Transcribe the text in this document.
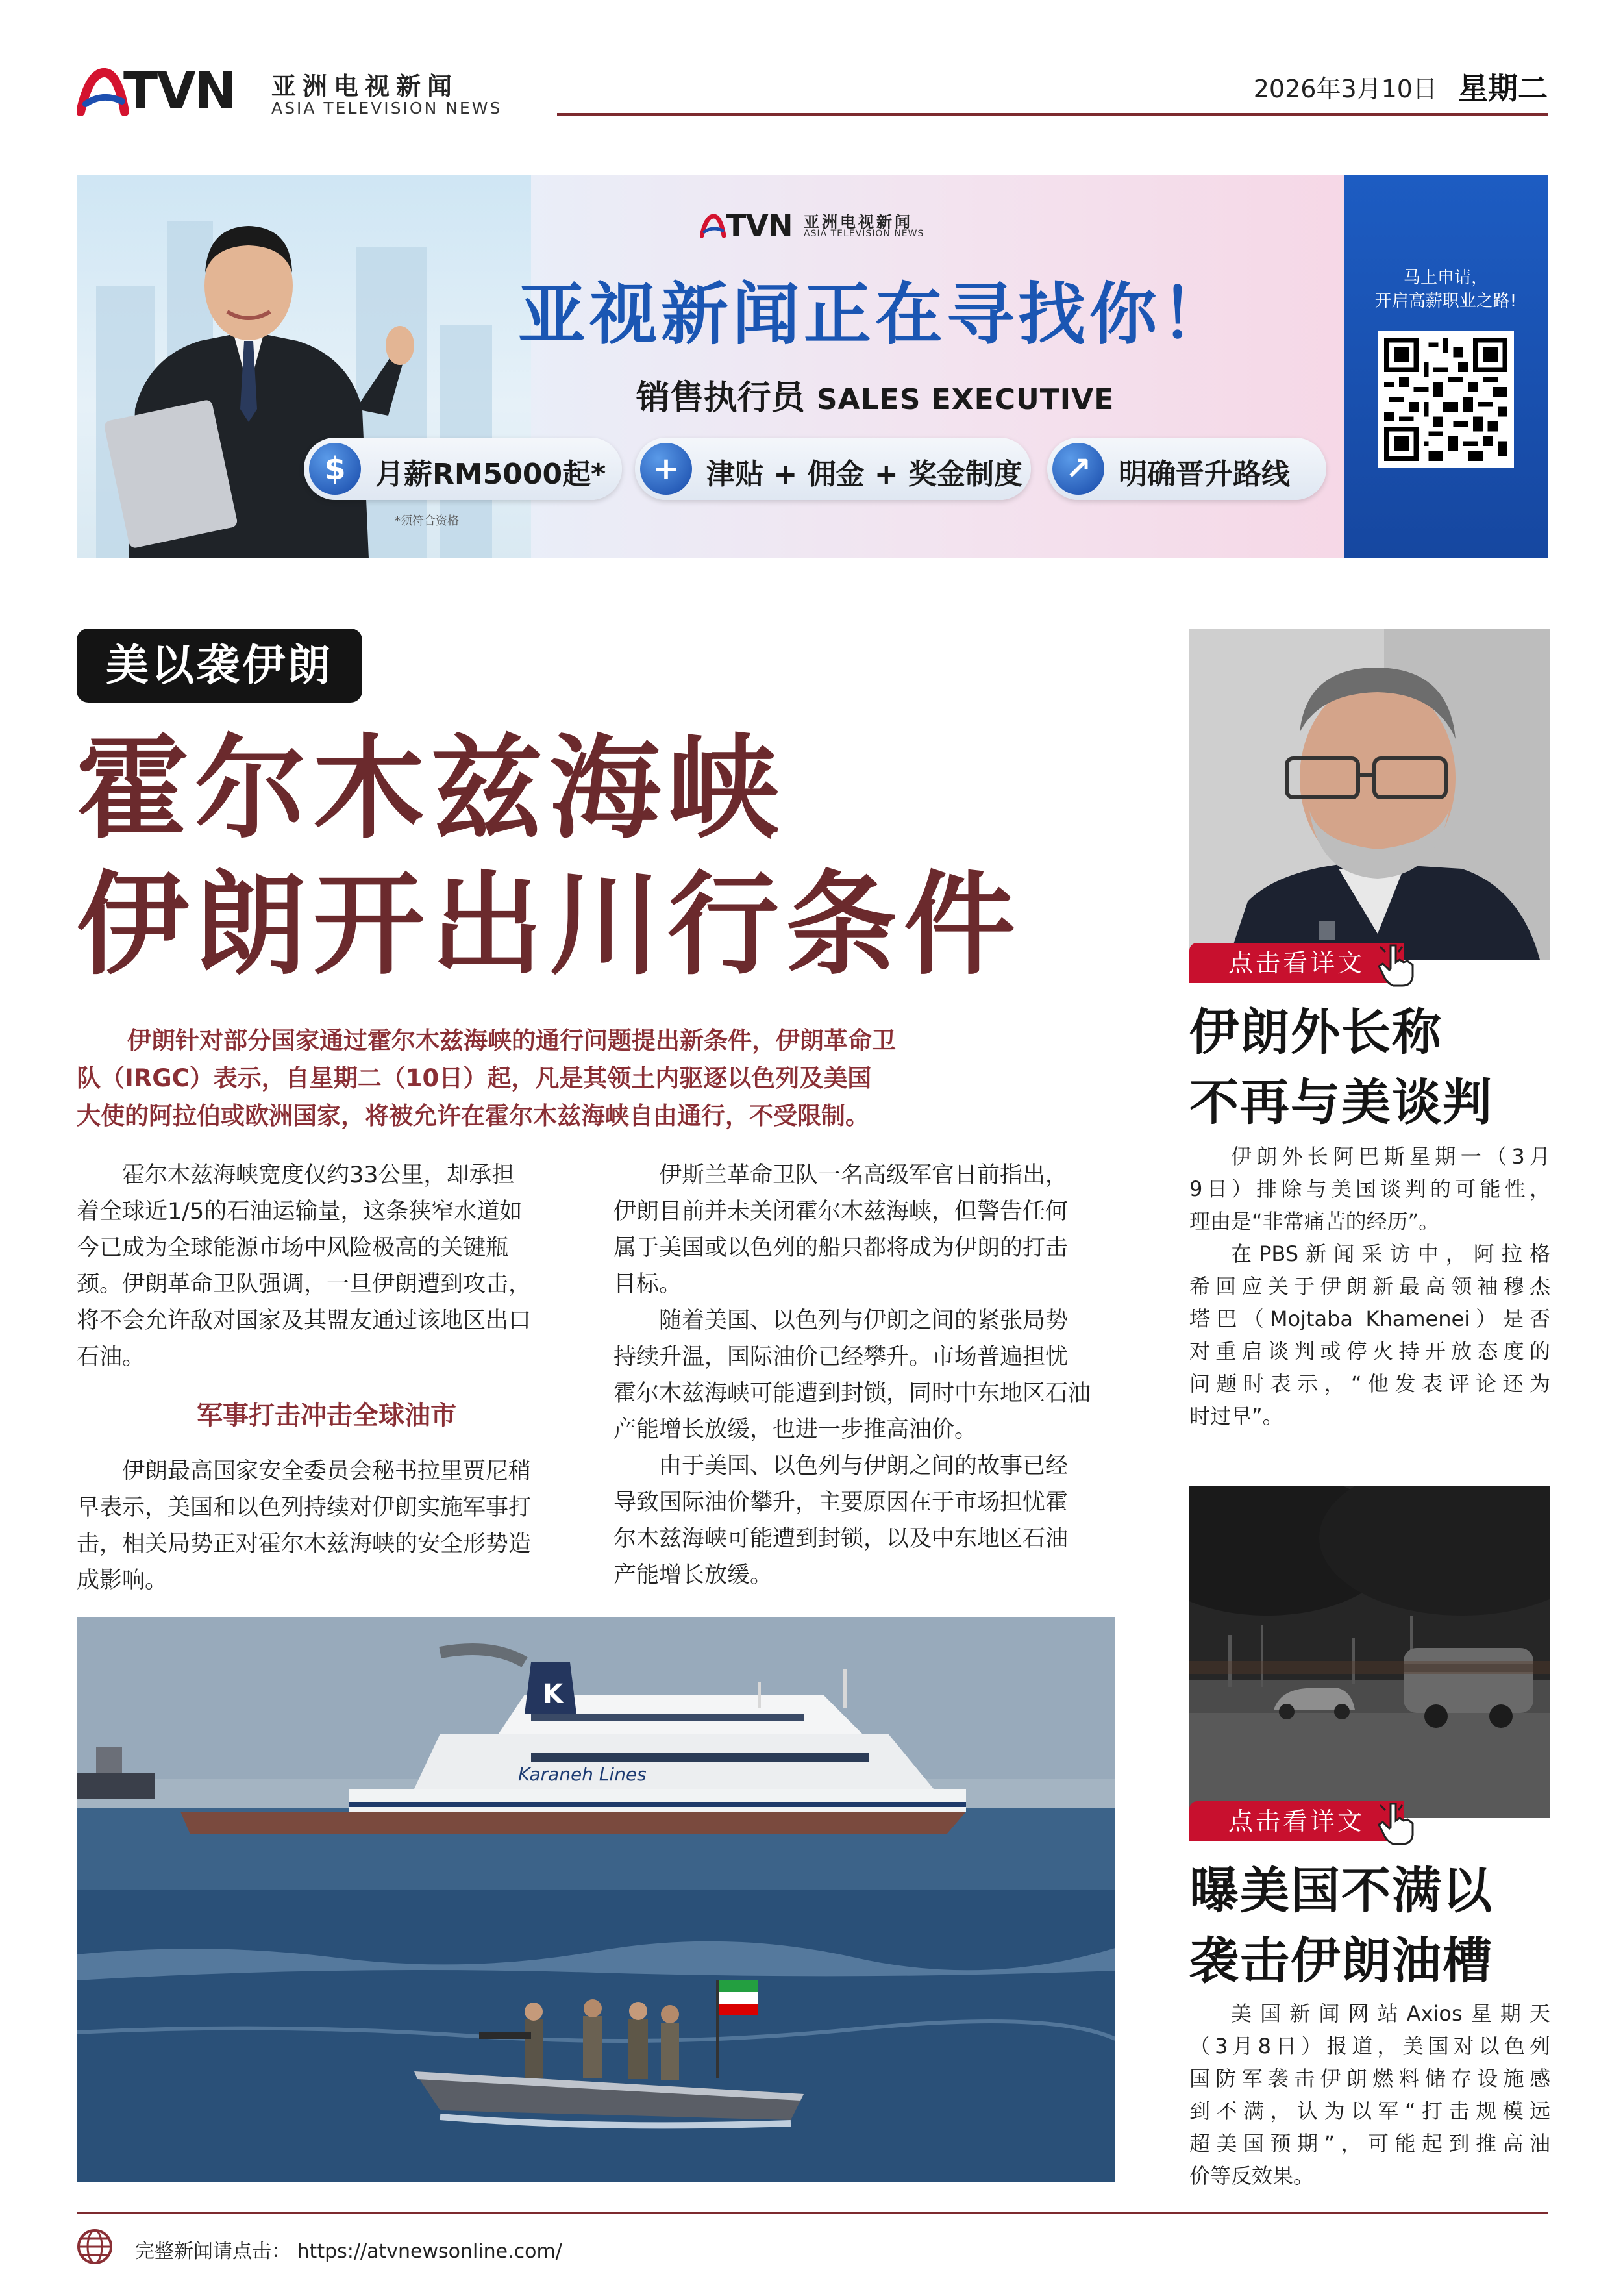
TVN 亚洲电视新闻
ASIA TELEVISION NEWS
2026年3月10日 星期二
TVN 亚洲电视新闻
ASIA TELEVISION NEWS
亚视新闻正在寻找你！
销售执行员 SALES EXECUTIVE
$	月薪RM5000起*	+ 津贴 + 佣金 + 奖金制度	↗ 明确晋升路线
*须符合资格
马上申请，
开启高薪职业之路!
美以袭伊朗
霍尔木兹海峡
伊朗开出川行条件
伊朗针对部分国家通过霍尔木兹海峡的通行问题提出新条件，伊朗革命卫
队（IRGC）表示，自星期二（10日）起，凡是其领土内驱逐以色列及美国
大使的阿拉伯或欧洲国家，将被允许在霍尔木兹海峡自由通行，不受限制。

霍尔木兹海峡宽度仅约33公里，却承担
着全球近1/5的石油运输量，这条狭窄水道如
今已成为全球能源市场中风险极高的关键瓶
颈。伊朗革命卫队强调，一旦伊朗遭到攻击，
将不会允许敌对国家及其盟友通过该地区出口
石油。

军事打击冲击全球油市

伊朗最高国家安全委员会秘书拉里贾尼稍
早表示，美国和以色列持续对伊朗实施军事打
击，相关局势正对霍尔木兹海峡的安全形势造
成影响。

伊斯兰革命卫队一名高级军官日前指出，
伊朗目前并未关闭霍尔木兹海峡，但警告任何
属于美国或以色列的船只都将成为伊朗的打击
目标。

随着美国、以色列与伊朗之间的紧张局势
持续升温，国际油价已经攀升。市场普遍担忧
霍尔木兹海峡可能遭到封锁，同时中东地区石油
产能增长放缓，也进一步推高油价。

由于美国、以色列与伊朗之间的故事已经
导致国际油价攀升，主要原因在于市场担忧霍
尔木兹海峡可能遭到封锁，以及中东地区石油
产能增长放缓。

K
Karaneh Lines
点击看详文
伊朗外长称
不再与美谈判

伊朗外长阿巴斯星期一（3月
9日）排除与美国谈判的可能性，
理由是“非常痛苦的经历”。

在PBS新闻采访中，阿拉格
希回应关于伊朗新最高领袖穆杰
塔巴（Mojtaba Khamenei）是否
对重启谈判或停火持开放态度的
问题时表示，“他发表评论还为
时过早”。

点击看详文
曝美国不满以
袭击伊朗油槽

美国新闻网站Axios星期天
（3月8日）报道，美国对以色列
国防军袭击伊朗燃料储存设施感
到不满，认为以军“打击规模远
超美国预期”，可能起到推高油
价等反效果。

完整新闻请点击： https://atvnewsonline.com/
